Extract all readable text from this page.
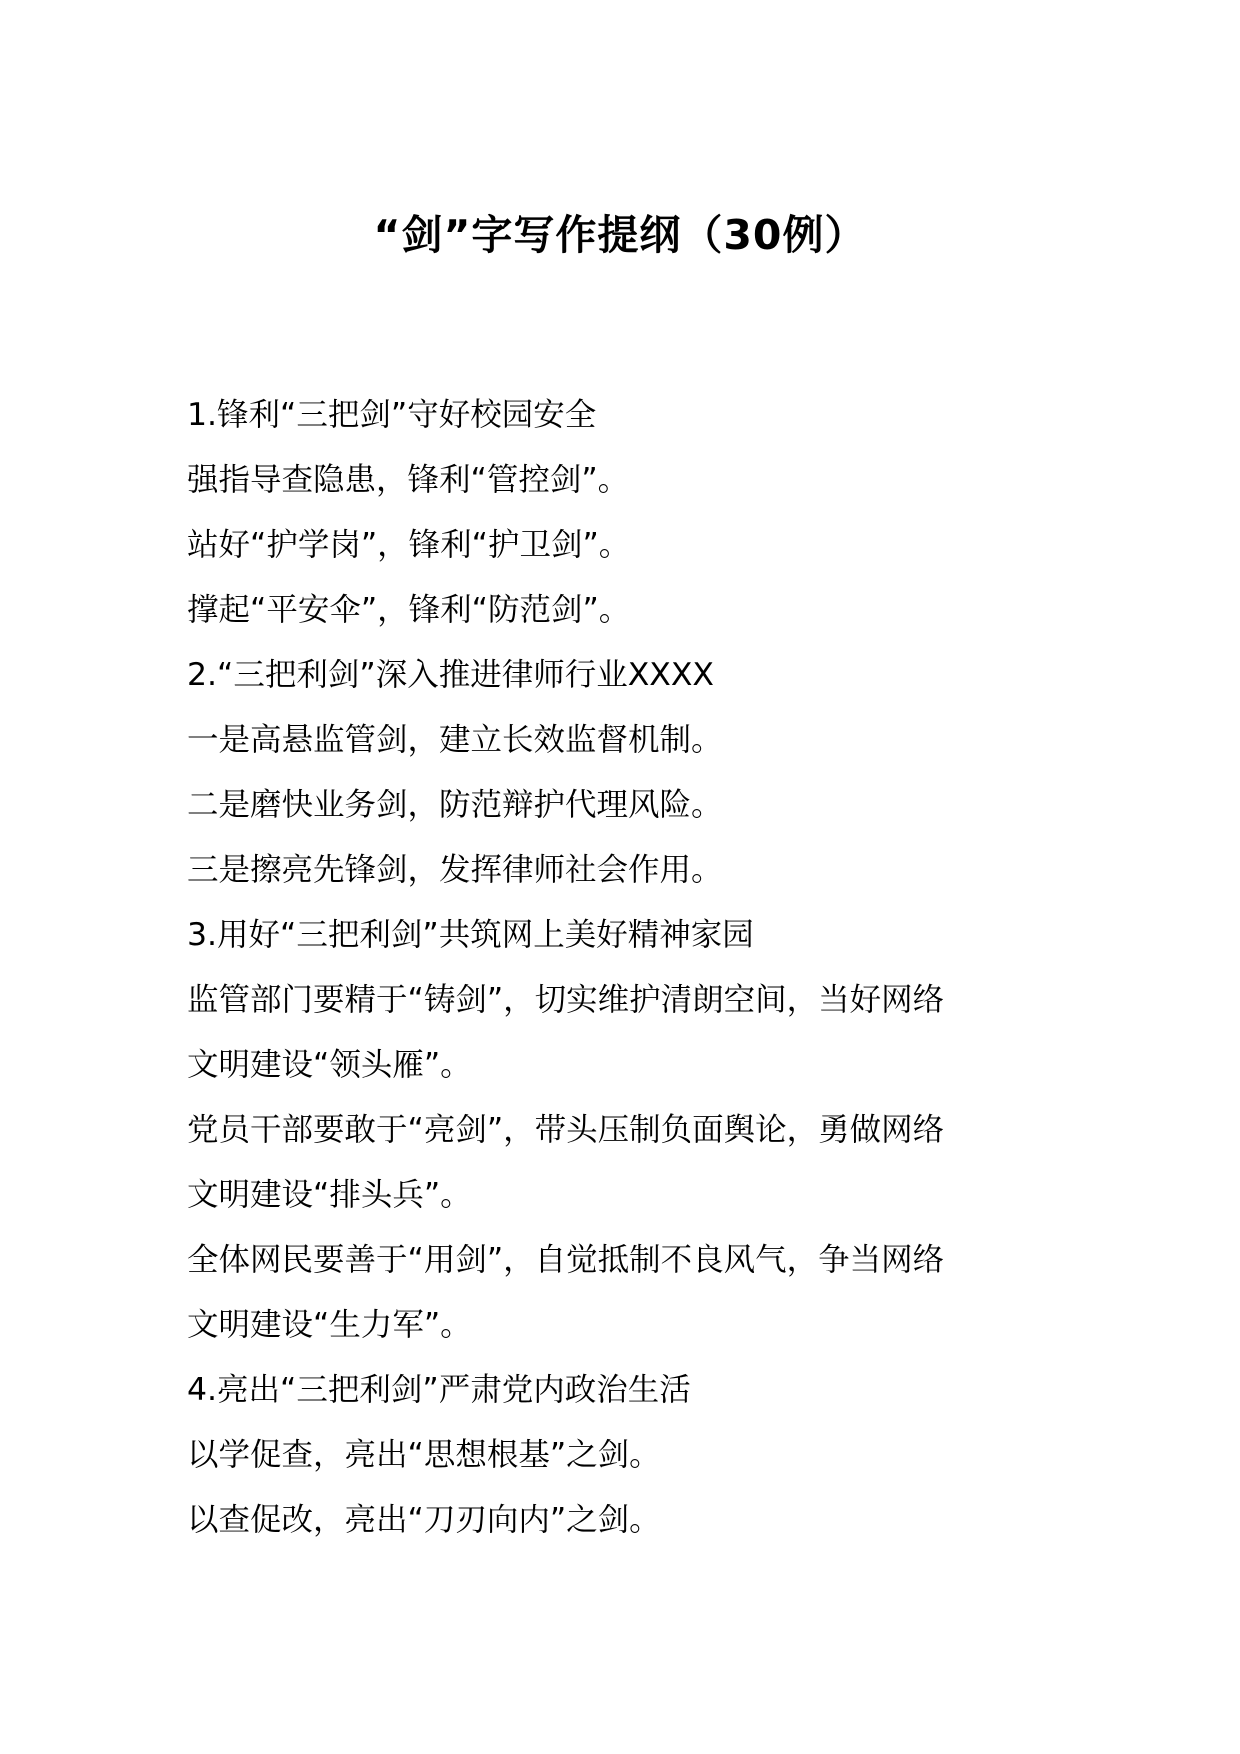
“剑”字写作提纲（30例）

1.锋利“三把剑”守好校园安全

强指导查隐患，锋利“管控剑”。

站好“护学岗”，锋利“护卫剑”。

撑起“平安伞”，锋利“防范剑”。

2.“三把利剑”深入推进律师行业XXXX

一是高悬监管剑，建立长效监督机制。

二是磨快业务剑，防范辩护代理风险。

三是擦亮先锋剑，发挥律师社会作用。

3.用好“三把利剑”共筑网上美好精神家园

监管部门要精于“铸剑”，切实维护清朗空间，当好网络

文明建设“领头雁”。

党员干部要敢于“亮剑”，带头压制负面舆论，勇做网络

文明建设“排头兵”。

全体网民要善于“用剑”，自觉抵制不良风气，争当网络

文明建设“生力军”。

4.亮出“三把利剑”严肃党内政治生活

以学促查，亮出“思想根基”之剑。

以查促改，亮出“刀刃向内”之剑。
